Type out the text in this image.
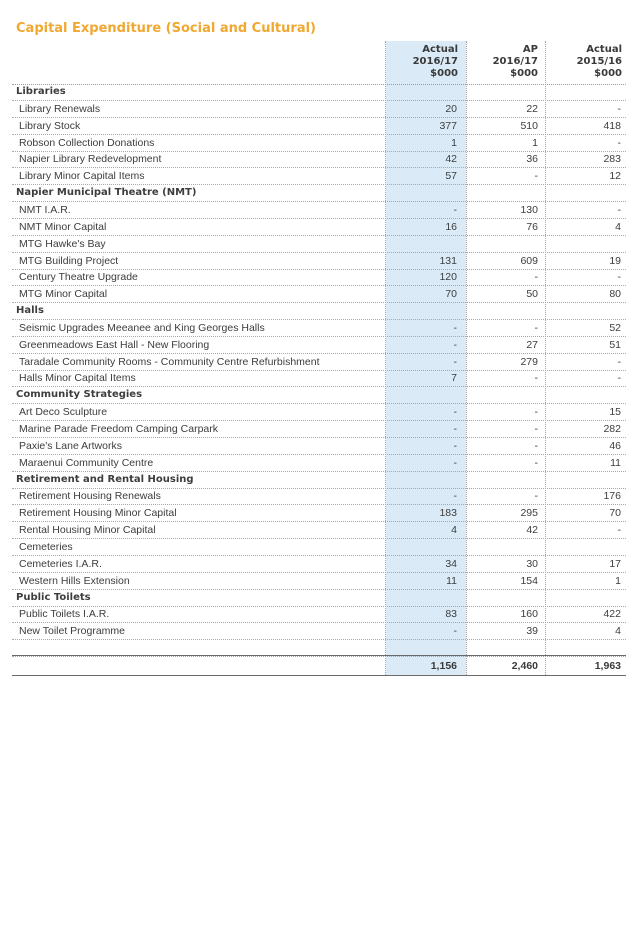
Capital Expenditure (Social and Cultural)
Actual
2016/17
$000
AP
2016/17
$000
Actual
2015/16
$000
Libraries
Library Renewals	20	22	-
Library Stock	377	510	418
Robson Collection Donations	1	1	-
Napier Library Redevelopment	42	36	283
Library Minor Capital Items	57	-	12
Napier Municipal Theatre (NMT)
NMT I.A.R.	-	130	-
NMT Minor Capital	16	76	4
MTG Hawke's Bay
MTG Building Project	131	609	19
Century Theatre Upgrade	120	-	-
MTG Minor Capital	70	50	80
Halls
Seismic Upgrades Meeanee and King Georges Halls	-	-	52
Greenmeadows East Hall - New Flooring	-	27	51
Taradale Community Rooms - Community Centre Refurbishment	-	279	-
Halls Minor Capital Items	7	-	-
Community Strategies
Art Deco Sculpture	-	-	15
Marine Parade Freedom Camping Carpark	-	-	282
Paxie's Lane Artworks	-	-	46
Maraenui Community Centre	-	-	11
Retirement and Rental Housing
Retirement Housing Renewals	-	-	176
Retirement Housing Minor Capital	183	295	70
Rental Housing Minor Capital	4	42	-
Cemeteries
Cemeteries I.A.R.	34	30	17
Western Hills Extension	11	154	1
Public Toilets
Public Toilets I.A.R.	83	160	422
New Toilet Programme	-	39	4
1,156	2,460	1,963
